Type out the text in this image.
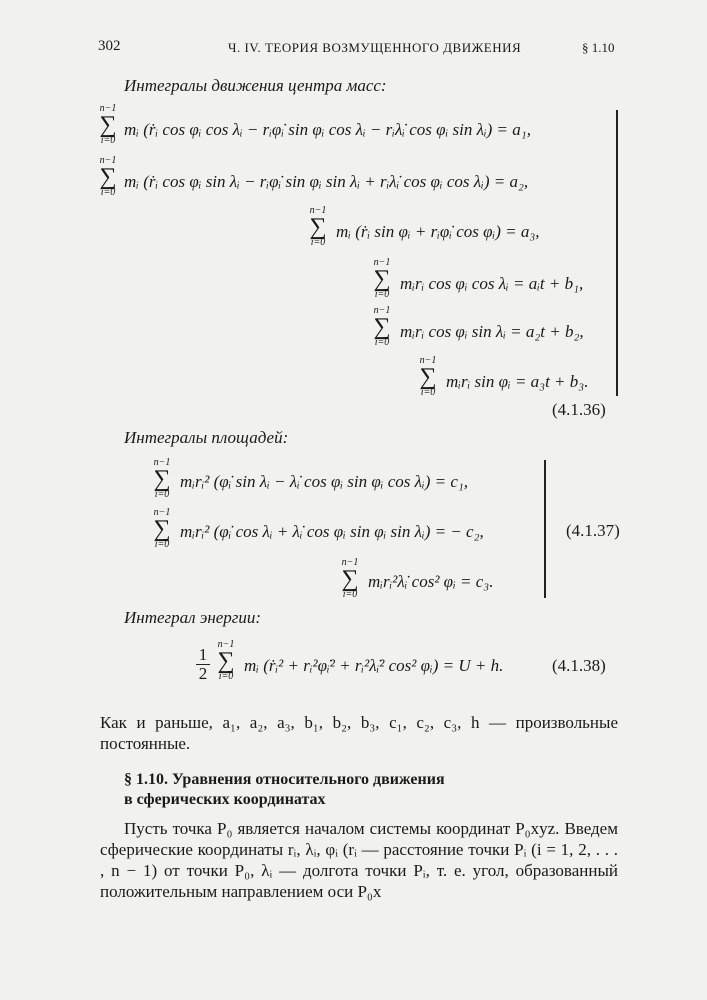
302	Ч. IV. ТЕОРИЯ ВОЗМУЩЕННОГО ДВИЖЕНИЯ	§ 1.10
Интегралы движения центра масс:
n−1
∑
i=0
mᵢ (ṙᵢ cos φᵢ cos λᵢ − rᵢφ̇ᵢ sin φᵢ cos λᵢ − rᵢλ̇ᵢ cos φᵢ sin λᵢ) = a₁,
n−1
∑
i=0
mᵢ (ṙᵢ cos φᵢ sin λᵢ − rᵢφ̇ᵢ sin φᵢ sin λᵢ + rᵢλ̇ᵢ cos φᵢ cos λᵢ) = a₂,
n−1
∑
i=0
mᵢ (ṙᵢ sin φᵢ + rᵢφ̇ᵢ cos φᵢ) = a₃,
n−1
∑
i=0
mᵢrᵢ cos φᵢ cos λᵢ = aᵢt + b₁,
n−1
∑
i=0
mᵢrᵢ cos φᵢ sin λᵢ = a₂t + b₂,
n−1
∑
i=0
mᵢrᵢ sin φᵢ = a₃t + b₃.
(4.1.36)
Интегралы площадей:
n−1
∑
i=0
mᵢrᵢ² (φ̇ᵢ sin λᵢ − λ̇ᵢ cos φᵢ sin φᵢ cos λᵢ) = c₁,
n−1
∑
i=0
mᵢrᵢ² (φ̇ᵢ cos λᵢ + λ̇ᵢ cos φᵢ sin φᵢ sin λᵢ) = − c₂,
n−1
∑
i=0
mᵢrᵢ²λ̇ᵢ cos² φᵢ = c₃.
(4.1.37)
Интеграл энергии:
$\frac{1}{2}$
n−1
∑
i=0
mᵢ (ṙᵢ² + rᵢ²φ̇ᵢ² + rᵢ²λ̇ᵢ² cos² φᵢ) = U + h.	(4.1.38)
Как и раньше, a₁, a₂, a₃, b₁, b₂, b₃, c₁, c₂, c₃, h — произвольные постоянные.
§ 1.10. Уравнения относительного движения
в сферических координатах
Пусть точка P₀ является началом системы координат P₀xyz. Введем сферические координаты rᵢ, λᵢ, φᵢ (rᵢ — расстояние точки Pᵢ (i = 1, 2, . . . , n − 1) от точки P₀, λᵢ — долгота точки Pᵢ, т. е. угол, образованный положительным направлением оси P₀x
